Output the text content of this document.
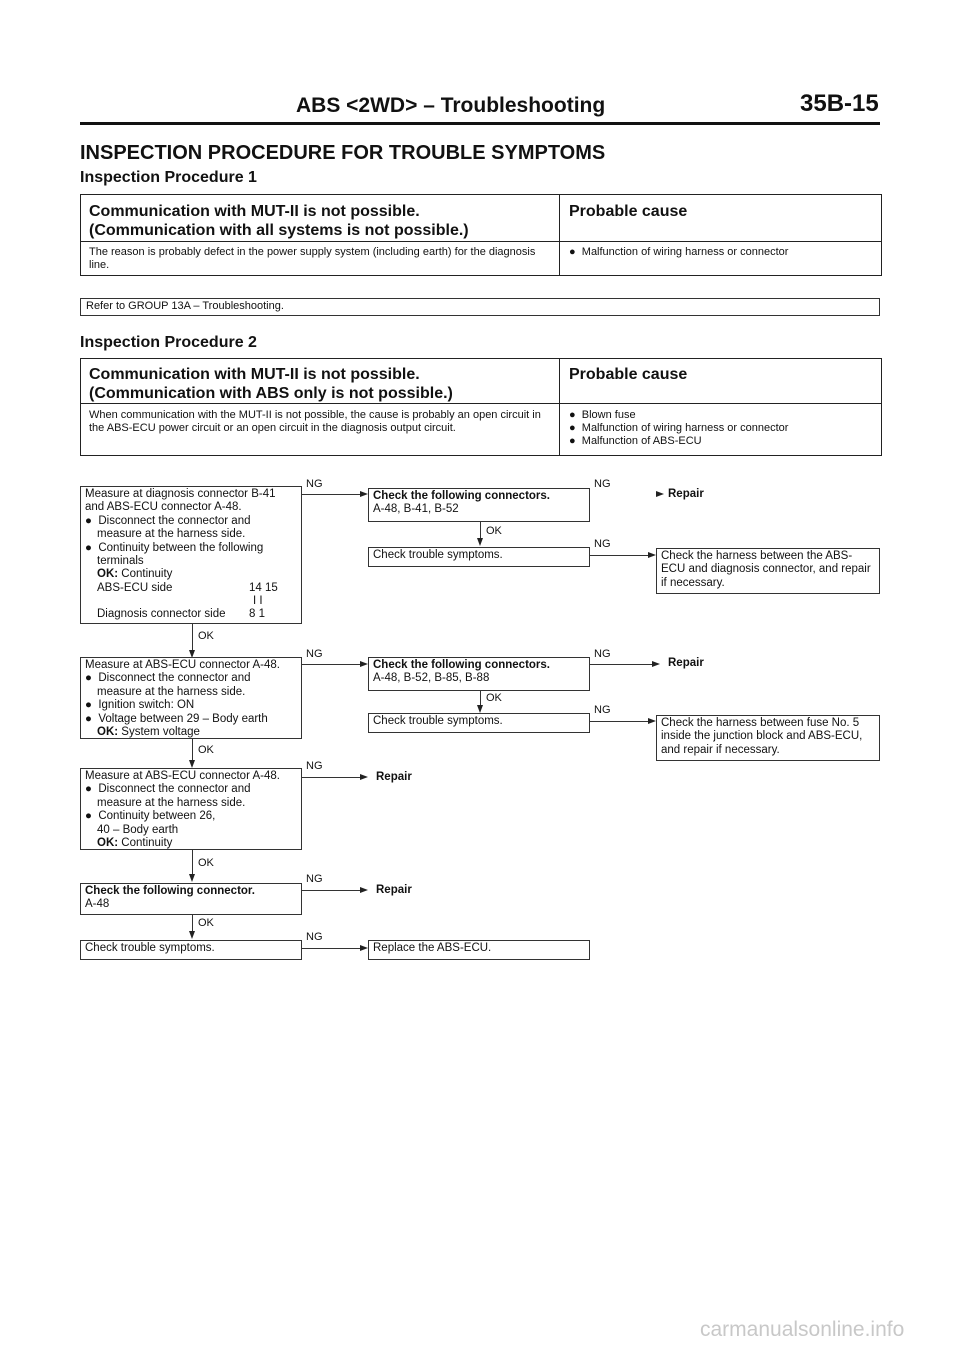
ABS <2WD> – Troubleshooting	35B-15
INSPECTION PROCEDURE FOR TROUBLE SYMPTOMS
Inspection Procedure 1
Communication with MUT-II is not possible.
(Communication with all systems is not possible.)
Probable cause
The reason is probably defect in the power supply system (including earth) for the diagnosis line.
● Malfunction of wiring harness or connector
Refer to GROUP 13A – Troubleshooting.
Inspection Procedure 2
Communication with MUT-II is not possible.
(Communication with ABS only is not possible.)
Probable cause
When communication with the MUT-II is not possible, the cause is probably an open circuit in the ABS-ECU power circuit or an open circuit in the diagnosis output circuit.
● Blown fuse
● Malfunction of wiring harness or connector
● Malfunction of ABS-ECU
Measure at diagnosis connector B-41
and ABS-ECU connector A-48.
● Disconnect the connector and measure at the harness side.
● Continuity between the following terminals
OK: Continuity
ABS-ECU side	14 15
I I
Diagnosis connector side 8 1
NG
Check the following connectors.
A-48, B-41, B-52
NG
Repair
OK
Check trouble symptoms.
NG
Check the harness between the ABS-ECU and diagnosis connector, and repair if necessary.
OK
Measure at ABS-ECU connector A-48.
● Disconnect the connector and measure at the harness side.
● Ignition switch: ON
● Voltage between 29 – Body earth
OK: System voltage
NG
Check the following connectors.
A-48, B-52, B-85, B-88
NG
Repair
OK
Check trouble symptoms.
NG
Check the harness between fuse No. 5 inside the junction block and ABS-ECU, and repair if necessary.
OK
Measure at ABS-ECU connector A-48.
● Disconnect the connector and measure at the harness side.
● Continuity between 26, 40 – Body earth
OK: Continuity
NG
Repair
OK
Check the following connector.
A-48
NG
Repair
OK
Check trouble symptoms.
NG
Replace the ABS-ECU.
carmanualsonline.info
